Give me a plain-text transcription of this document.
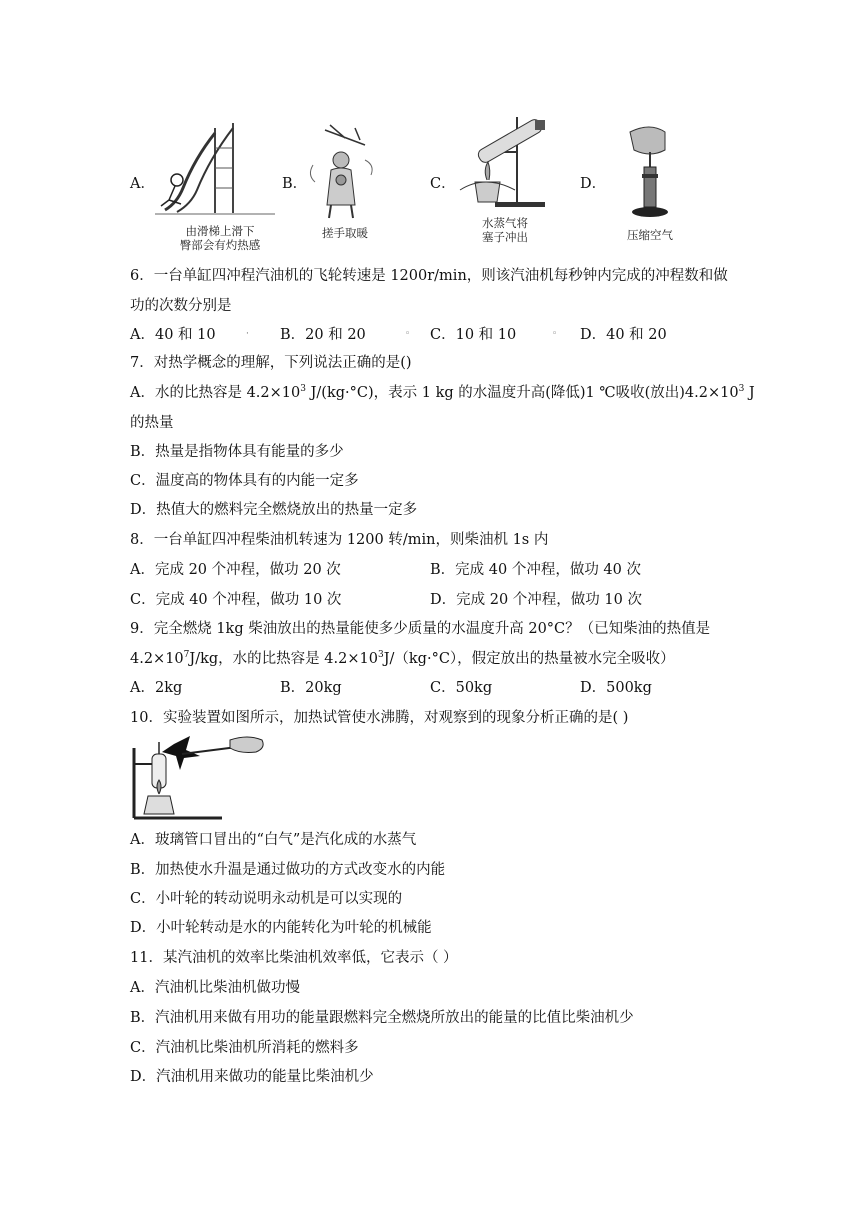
A．
由滑梯上滑下
臀部会有灼热感
B．
搓手取暖
C．
水蒸气将
塞子冲出
D．
压缩空气
6．一台单缸四冲程汽油机的飞轮转速是 1200r/min，则该汽油机每秒钟内完成的冲程数和做
功的次数分别是
A．40 和 10	· B．20 和 20	◦ C．10 和 10	◦ D．40 和 20
7．对热学概念的理解，下列说法正确的是()
A．水的比热容是 $4.2\times 10^3$ J/(kg·°C)，表示 1 kg 的水温度升高(降低)1 ℃吸收(放出)$4.2\times 10^3$ J
的热量
B．热量是指物体具有能量的多少
C．温度高的物体具有的内能一定多
D．热值大的燃料完全燃烧放出的热量一定多
8．一台单缸四冲程柴油机转速为 1200 转/min，则柴油机 1s 内
A．完成 20 个冲程，做功 20 次	B．完成 40 个冲程，做功 40 次
C．完成 40 个冲程，做功 10 次	D．完成 20 个冲程，做功 10 次
9．完全燃烧 1kg 柴油放出的热量能使多少质量的水温度升高 20°C？（已知柴油的热值是
$4.2\times 10^7J/kg$，水的比热容是 $4.2\times 10^3J/(kg\cdot^\circ C)$，假定放出的热量被水完全吸收）
A．2kg	B．20kg	C．50kg	D．500kg
10．实验装置如图所示，加热试管使水沸腾，对观察到的现象分析正确的是( )
A．玻璃管口冒出的“白气”是汽化成的水蒸气
B．加热使水升温是通过做功的方式改变水的内能
C．小叶轮的转动说明永动机是可以实现的
D．小叶轮转动是水的内能转化为叶轮的机械能
11．某汽油机的效率比柴油机效率低，它表示（ ）
A．汽油机比柴油机做功慢
B．汽油机用来做有用功的能量跟燃料完全燃烧所放出的能量的比值比柴油机少
C．汽油机比柴油机所消耗的燃料多
D．汽油机用来做功的能量比柴油机少
